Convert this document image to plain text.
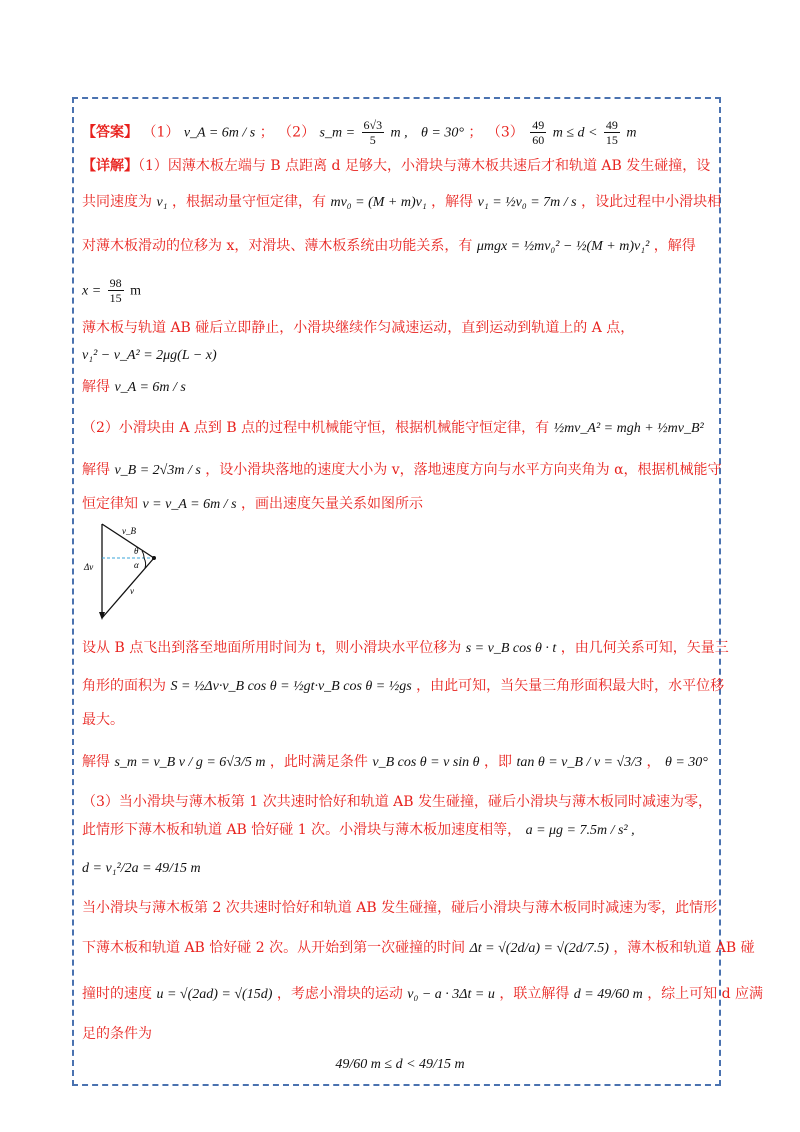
【答案】 （1） v_A = 6m / s ； （2） s_m = $\frac{6√3}{5}$ m , θ = 30° ； $(3) \frac{49}{60}$ $m \le d < \frac{49}{15}$ m
【详解】（1）因薄木板左端与 B 点距离 d 足够大，小滑块与薄木板共速后才和轨道 AB 发生碰撞，设
共同速度为 v₁ ，根据动量守恒定律，有 mv₀ = (M + m)v₁ ，解得 v₁ = ½v₀ = 7m / s ，设此过程中小滑块相
对薄木板滑动的位移为 x，对滑块、薄木板系统由功能关系，有 μmgx = ½mv₀² − ½(M + m)v₁² ，解得
$x = \frac{98}{15}$ m
薄木板与轨道 AB 碰后立即静止，小滑块继续作匀减速运动，直到运动到轨道上的 A 点，
v₁² − v_A² = 2μg(L − x)
解得 v_A = 6m / s
（2）小滑块由 A 点到 B 点的过程中机械能守恒，根据机械能守恒定律，有 ½mv_A² = mgh + ½mv_B²
解得 v_B = 2√3m / s ，设小滑块落地的速度大小为 v，落地速度方向与水平方向夹角为 α，根据机械能守
恒定律知 v = v_A = 6m / s ，画出速度矢量关系如图所示
v_B
θ
α
Δv
v
设从 B 点飞出到落至地面所用时间为 t，则小滑块水平位移为 s = v_B cos θ · t ，由几何关系可知，矢量三
角形的面积为 S = ½Δv·v_B cos θ = ½gt·v_B cos θ = ½gs ，由此可知，当矢量三角形面积最大时，水平位移
最大。
解得 s_m = v_B v / g = 6√3/5 m ，此时满足条件 v_B cos θ = v sin θ ，即 tan θ = v_B / v = √3/3 ， θ = 30°
（3）当小滑块与薄木板第 1 次共速时恰好和轨道 AB 发生碰撞，碰后小滑块与薄木板同时减速为零，
此情形下薄木板和轨道 AB 恰好碰 1 次。小滑块与薄木板加速度相等， a = μg = 7.5m / s² ,
d = v₁²/2a = 49/15 m
当小滑块与薄木板第 2 次共速时恰好和轨道 AB 发生碰撞，碰后小滑块与薄木板同时减速为零，此情形
下薄木板和轨道 AB 恰好碰 2 次。从开始到第一次碰撞的时间 Δt = √(2d/a) = √(2d/7.5) ，薄木板和轨道 AB 碰
撞时的速度 u = √(2ad) = √(15d) ，考虑小滑块的运动 v₀ − a · 3Δt = u ，联立解得 d = 49/60 m ，综上可知 d 应满
足的条件为
49/60 m ≤ d < 49/15 m
